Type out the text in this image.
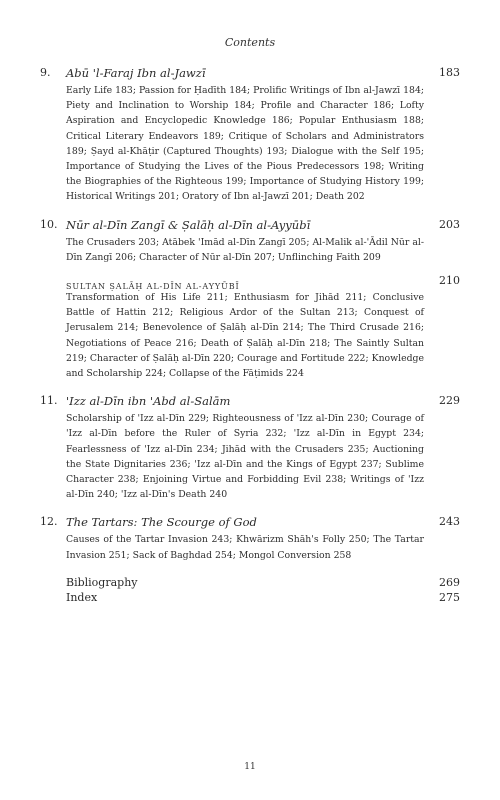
Contents
9. Abū 'l-Faraj Ibn al-Jawzī	183
Early Life 183; Passion for Ḥadīth 184; Prolific Writings of Ibn al-Jawzī 184; Piety and Inclination to Worship 184; Profile and Character 186; Lofty Aspiration and Encyclopedic Knowledge 186; Popular Enthusiasm 188; Critical Literary Endeavors 189; Critique of Scholars and Administrators 189; Ṣayd al-Khāṭir (Captured Thoughts) 193; Dialogue with the Self 195; Importance of Studying the Lives of the Pious Predecessors 198; Writing the Biographies of the Righteous 199; Importance of Studying History 199; Historical Writings 201; Oratory of Ibn al-Jawzī 201; Death 202
10. Nūr al-Dīn Zangī & Ṣalāḥ al-Dīn al-Ayyūbī	203
The Crusaders 203; Atābek 'Imād al-Dīn Zangī 205; Al-Malik al-'Ādil Nūr al-Dīn Zangī 206; Character of Nūr al-Dīn 207; Unflinching Faith 209
SULTAN ṢALĀḤ AL-DĪN AL-AYYŪBĪ	210
Transformation of His Life 211; Enthusiasm for Jihād 211; Conclusive Battle of Hattin 212; Religious Ardor of the Sultan 213; Conquest of Jerusalem 214; Benevolence of Ṣalāḥ al-Dīn 214; The Third Crusade 216; Negotiations of Peace 216; Death of Ṣalāḥ al-Dīn 218; The Saintly Sultan 219; Character of Ṣalāḥ al-Dīn 220; Courage and Fortitude 222; Knowledge and Scholarship 224; Collapse of the Fāṭimids 224
11. 'Izz al-Dīn ibn 'Abd al-Salām	229
Scholarship of 'Izz al-Dīn 229; Righteousness of 'Izz al-Dīn 230; Courage of 'Izz al-Dīn before the Ruler of Syria 232; 'Izz al-Dīn in Egypt 234; Fearlessness of 'Izz al-Dīn 234; Jihād with the Crusaders 235; Auctioning the State Dignitaries 236; 'Izz al-Dīn and the Kings of Egypt 237; Sublime Character 238; Enjoining Virtue and Forbidding Evil 238; Writings of 'Izz al-Dīn 240; 'Izz al-Dīn's Death 240
12. The Tartars: The Scourge of God	243
Causes of the Tartar Invasion 243; Khwārizm Shāh's Folly 250; The Tartar Invasion 251; Sack of Baghdad 254; Mongol Conversion 258
Bibliography	269
Index	275
11
